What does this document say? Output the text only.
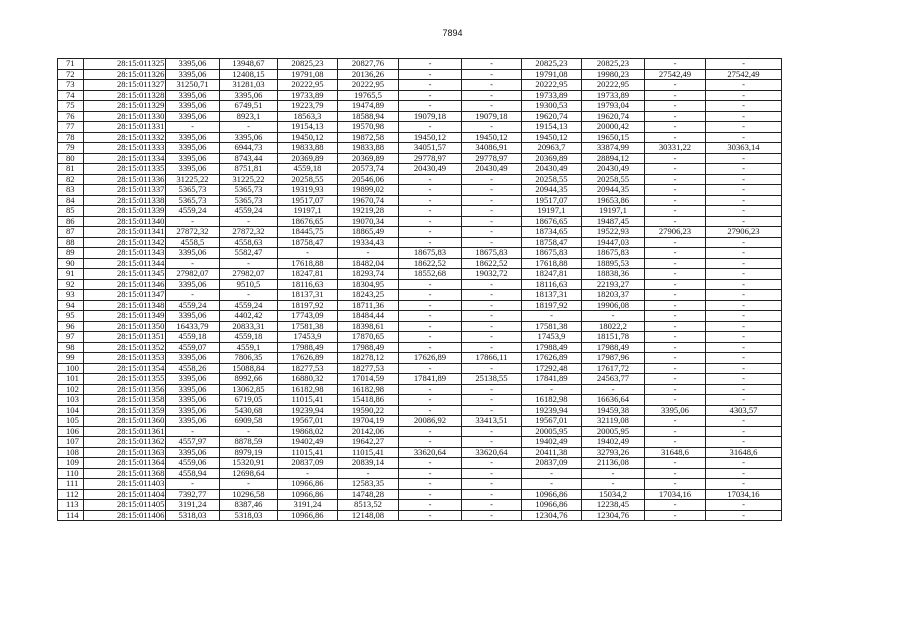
7894
71	28:15:011325	3395,06	13948,67	20825,23	20827,76	-	-	20825,23	20825,23	-	-
72	28:15:011326	3395,06	12408,15	19791,08	20136,26	-	-	19791,08	19980,23	27542,49	27542,49
73	28:15:011327	31250,71	31281,03	20222,95	20222,95	-	-	20222,95	20222,95	-	-
74	28:15:011328	3395,06	3395,06	19733,89	19765,5	-	-	19733,89	19733,89	-	-
75	28:15:011329	3395,06	6749,51	19223,79	19474,89	-	-	19300,53	19793,04	-	-
76	28:15:011330	3395,06	8923,1	18563,3	18588,94	19079,18	19079,18	19620,74	19620,74	-	-
77	28:15:011331	-	-	19154,13	19570,98	-	-	19154,13	20000,42	-	-
78	28:15:011332	3395,06	3395,06	19450,12	19872,58	19450,12	19450,12	19450,12	19650,15	-	-
79	28:15:011333	3395,06	6944,73	19833,88	19833,88	34051,57	34086,91	20963,7	33874,99	30331,22	30363,14
80	28:15:011334	3395,06	8743,44	20369,89	20369,89	29778,97	29778,97	20369,89	28894,12	-	-
81	28:15:011335	3395,06	8751,81	4559,18	20573,74	20430,49	20430,49	20430,49	20430,49	-	-
82	28:15:011336	31225,22	31225,22	20258,55	20546,06	-	-	20258,55	20258,55	-	-
83	28:15:011337	5365,73	5365,73	19319,93	19899,02	-	-	20944,35	20944,35	-	-
84	28:15:011338	5365,73	5365,73	19517,07	19670,74	-	-	19517,07	19653,86	-	-
85	28:15:011339	4559,24	4559,24	19197,1	19219,28	-	-	19197,1	19197,1	-	-
86	28:15:011340	-	-	18676,65	19070,34	-	-	18676,65	19487,45	-	-
87	28:15:011341	27872,32	27872,32	18445,75	18865,49	-	-	18734,65	19522,93	27906,23	27906,23
88	28:15:011342	4558,5	4558,63	18758,47	19334,43	-	-	18758,47	19447,03	-	-
89	28:15:011343	3395,06	5582,47	-	-	18675,83	18675,83	18675,83	18675,83	-	-
90	28:15:011344	-	-	17618,88	18482,04	18622,52	18622,52	17618,88	18895,53	-	-
91	28:15:011345	27982,07	27982,07	18247,81	18293,74	18552,68	19032,72	18247,81	18838,36	-	-
92	28:15:011346	3395,06	9510,5	18116,63	18304,95	-	-	18116,63	22193,27	-	-
93	28:15:011347	-	-	18137,31	18243,25	-	-	18137,31	18203,37	-	-
94	28:15:011348	4559,24	4559,24	18197,92	18711,36	-	-	18197,92	19906,08	-	-
95	28:15:011349	3395,06	4402,42	17743,09	18484,44	-	-	-	-	-	-
96	28:15:011350	16433,79	20833,31	17581,38	18398,61	-	-	17581,38	18022,2	-	-
97	28:15:011351	4559,18	4559,18	17453,9	17870,65	-	-	17453,9	18151,78	-	-
98	28:15:011352	4559,07	4559,1	17988,49	17988,49	-	-	17988,49	17988,49	-	-
99	28:15:011353	3395,06	7806,35	17626,89	18278,12	17626,89	17866,11	17626,89	17987,96	-	-
100	28:15:011354	4558,26	15088,84	18277,53	18277,53	-	-	17292,48	17617,72	-	-
101	28:15:011355	3395,06	8992,66	16880,32	17014,59	17841,89	25138,55	17841,89	24563,77	-	-
102	28:15:011356	3395,06	13062,85	16182,98	16182,98	-	-	-	-	-	-
103	28:15:011358	3395,06	6719,05	11015,41	15418,86	-	-	16182,98	16636,64	-	-
104	28:15:011359	3395,06	5430,68	19239,94	19590,22	-	-	19239,94	19459,38	3395,06	4303,57
105	28:15:011360	3395,06	6909,58	19567,01	19704,19	20086,92	33413,51	19567,01	32119,08	-	-
106	28:15:011361	-	-	19868,02	20142,06	-	-	20005,95	20005,95	-	-
107	28:15:011362	4557,97	8878,59	19402,49	19642,27	-	-	19402,49	19402,49	-	-
108	28:15:011363	3395,06	8979,19	11015,41	11015,41	33620,64	33620,64	20411,38	32793,26	31648,6	31648,6
109	28:15:011364	4559,06	15320,91	20837,09	20839,14	-	-	20837,09	21136,08	-	-
110	28:15:011368	4558,94	12698,64	-	-	-	-	-	-	-	-
111	28:15:011403	-	-	10966,86	12583,35	-	-	-	-	-	-
112	28:15:011404	7392,77	10296,58	10966,86	14748,28	-	-	10966,86	15034,2	17034,16	17034,16
113	28:15:011405	3191,24	8387,46	3191,24	8513,52	-	-	10966,86	12238,45	-	-
114	28:15:011406	5318,03	5318,03	10966,86	12148,08	-	-	12304,76	12304,76	-	-
